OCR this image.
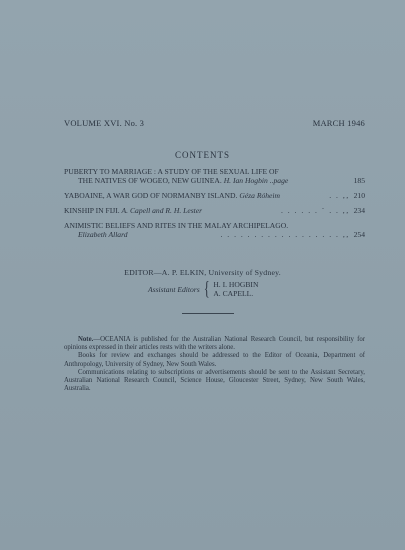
VOLUME XVI. No. 3	MARCH 1946
CONTENTS
PUBERTY TO MARRIAGE : A STUDY OF THE SEXUAL LIFE OF
THE NATIVES OF WOGEO, NEW GUINEA. H. Ian Hogbin ..page	185
YABOAINE, A WAR GOD OF NORMANBY ISLAND. Géza Róheim	. . ,, 210
KINSHIP IN FIJI. A. Capell and R. H. Lester	. . . . . . ` . . ,, 234
ANIMISTIC BELIEFS AND RITES IN THE MALAY ARCHIPELAGO.
Elizabeth Allard	. . . . . . . . . . . . . . . . . . ,, 254
EDITOR—A. P. ELKIN, University of Sydney.
Assistant Editors { H. I. HOGBIN
A. CAPELL.

Note.—OCEANIA is published for the Australian National Research Council, but responsibility for opinions expressed in their articles rests with the writers alone.

Books for review and exchanges should be addressed to the Editor of Oceania, Department of Anthropology, University of Sydney, New South Wales.

Communications relating to subscriptions or advertisements should be sent to the Assistant Secretary, Australian National Research Council, Science House, Gloucester Street, Sydney, New South Wales, Australia.
